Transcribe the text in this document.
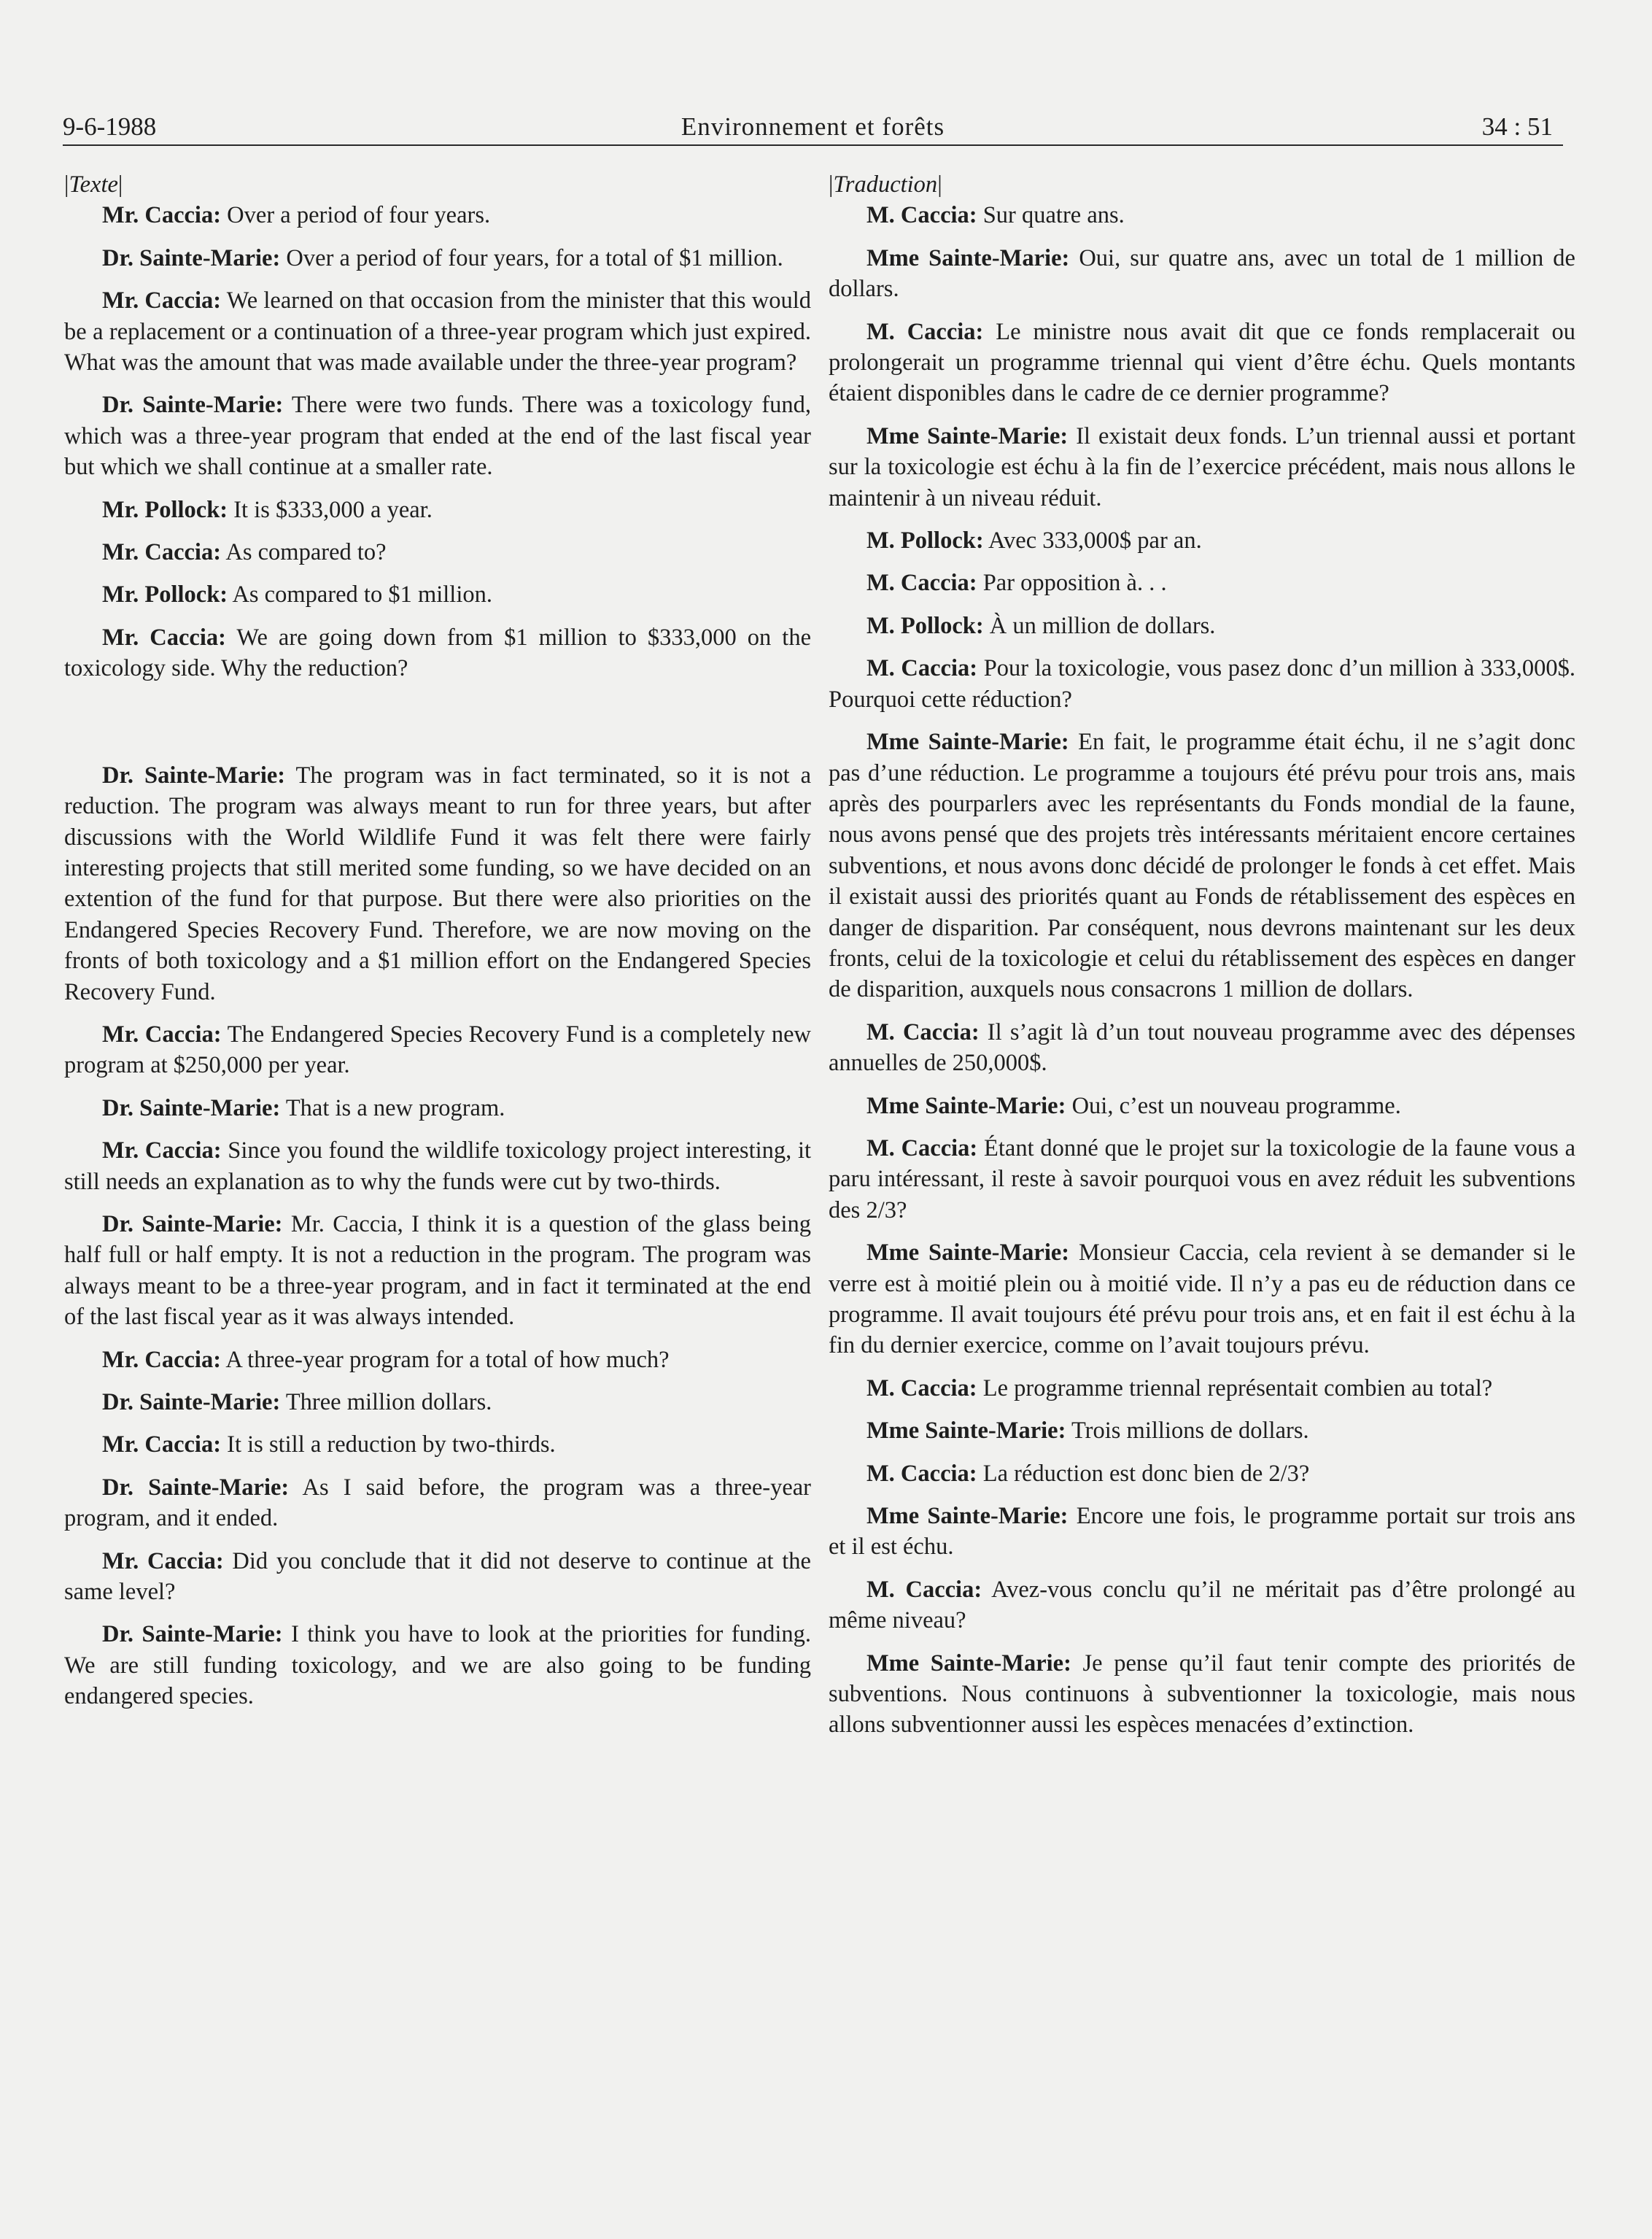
9-6-1988	Environnement et forêts	34 : 51

|Texte|

Mr. Caccia: Over a period of four years.

Dr. Sainte-Marie: Over a period of four years, for a total of $1 million.

Mr. Caccia: We learned on that occasion from the minister that this would be a replacement or a continuation of a three-year program which just expired. What was the amount that was made available under the three-year program?

Dr. Sainte-Marie: There were two funds. There was a toxicology fund, which was a three-year program that ended at the end of the last fiscal year but which we shall continue at a smaller rate.

Mr. Pollock: It is $333,000 a year.

Mr. Caccia: As compared to?

Mr. Pollock: As compared to $1 million.

Mr. Caccia: We are going down from $1 million to $333,000 on the toxicology side. Why the reduction?

Dr. Sainte-Marie: The program was in fact terminated, so it is not a reduction. The program was always meant to run for three years, but after discussions with the World Wildlife Fund it was felt there were fairly interesting projects that still merited some funding, so we have decided on an extention of the fund for that purpose. But there were also priorities on the Endangered Species Recovery Fund. Therefore, we are now moving on the fronts of both toxicology and a $1 million effort on the Endangered Species Recovery Fund.

Mr. Caccia: The Endangered Species Recovery Fund is a completely new program at $250,000 per year.

Dr. Sainte-Marie: That is a new program.

Mr. Caccia: Since you found the wildlife toxicology project interesting, it still needs an explanation as to why the funds were cut by two-thirds.

Dr. Sainte-Marie: Mr. Caccia, I think it is a question of the glass being half full or half empty. It is not a reduction in the program. The program was always meant to be a three-year program, and in fact it terminated at the end of the last fiscal year as it was always intended.

Mr. Caccia: A three-year program for a total of how much?

Dr. Sainte-Marie: Three million dollars.

Mr. Caccia: It is still a reduction by two-thirds.

Dr. Sainte-Marie: As I said before, the program was a three-year program, and it ended.

Mr. Caccia: Did you conclude that it did not deserve to continue at the same level?

Dr. Sainte-Marie: I think you have to look at the priorities for funding. We are still funding toxicology, and we are also going to be funding endangered species.

|Traduction|

M. Caccia: Sur quatre ans.

Mme Sainte-Marie: Oui, sur quatre ans, avec un total de 1 million de dollars.

M. Caccia: Le ministre nous avait dit que ce fonds remplacerait ou prolongerait un programme triennal qui vient d’être échu. Quels montants étaient disponibles dans le cadre de ce dernier programme?

Mme Sainte-Marie: Il existait deux fonds. L’un triennal aussi et portant sur la toxicologie est échu à la fin de l’exercice précédent, mais nous allons le maintenir à un niveau réduit.

M. Pollock: Avec 333,000$ par an.

M. Caccia: Par opposition à. . .

M. Pollock: À un million de dollars.

M. Caccia: Pour la toxicologie, vous pasez donc d’un million à 333,000$. Pourquoi cette réduction?

Mme Sainte-Marie: En fait, le programme était échu, il ne s’agit donc pas d’une réduction. Le programme a toujours été prévu pour trois ans, mais après des pourparlers avec les représentants du Fonds mondial de la faune, nous avons pensé que des projets très intéressants méritaient encore certaines subventions, et nous avons donc décidé de prolonger le fonds à cet effet. Mais il existait aussi des priorités quant au Fonds de rétablissement des espèces en danger de disparition. Par conséquent, nous devrons maintenant sur les deux fronts, celui de la toxicologie et celui du rétablissement des espèces en danger de disparition, auxquels nous consacrons 1 million de dollars.

M. Caccia: Il s’agit là d’un tout nouveau programme avec des dépenses annuelles de 250,000$.

Mme Sainte-Marie: Oui, c’est un nouveau programme.

M. Caccia: Étant donné que le projet sur la toxicologie de la faune vous a paru intéressant, il reste à savoir pourquoi vous en avez réduit les subventions des 2/3?

Mme Sainte-Marie: Monsieur Caccia, cela revient à se demander si le verre est à moitié plein ou à moitié vide. Il n’y a pas eu de réduction dans ce programme. Il avait toujours été prévu pour trois ans, et en fait il est échu à la fin du dernier exercice, comme on l’avait toujours prévu.

M. Caccia: Le programme triennal représentait combien au total?

Mme Sainte-Marie: Trois millions de dollars.

M. Caccia: La réduction est donc bien de 2/3?

Mme Sainte-Marie: Encore une fois, le programme portait sur trois ans et il est échu.

M. Caccia: Avez-vous conclu qu’il ne méritait pas d’être prolongé au même niveau?

Mme Sainte-Marie: Je pense qu’il faut tenir compte des priorités de subventions. Nous continuons à subventionner la toxicologie, mais nous allons subventionner aussi les espèces menacées d’extinction.
